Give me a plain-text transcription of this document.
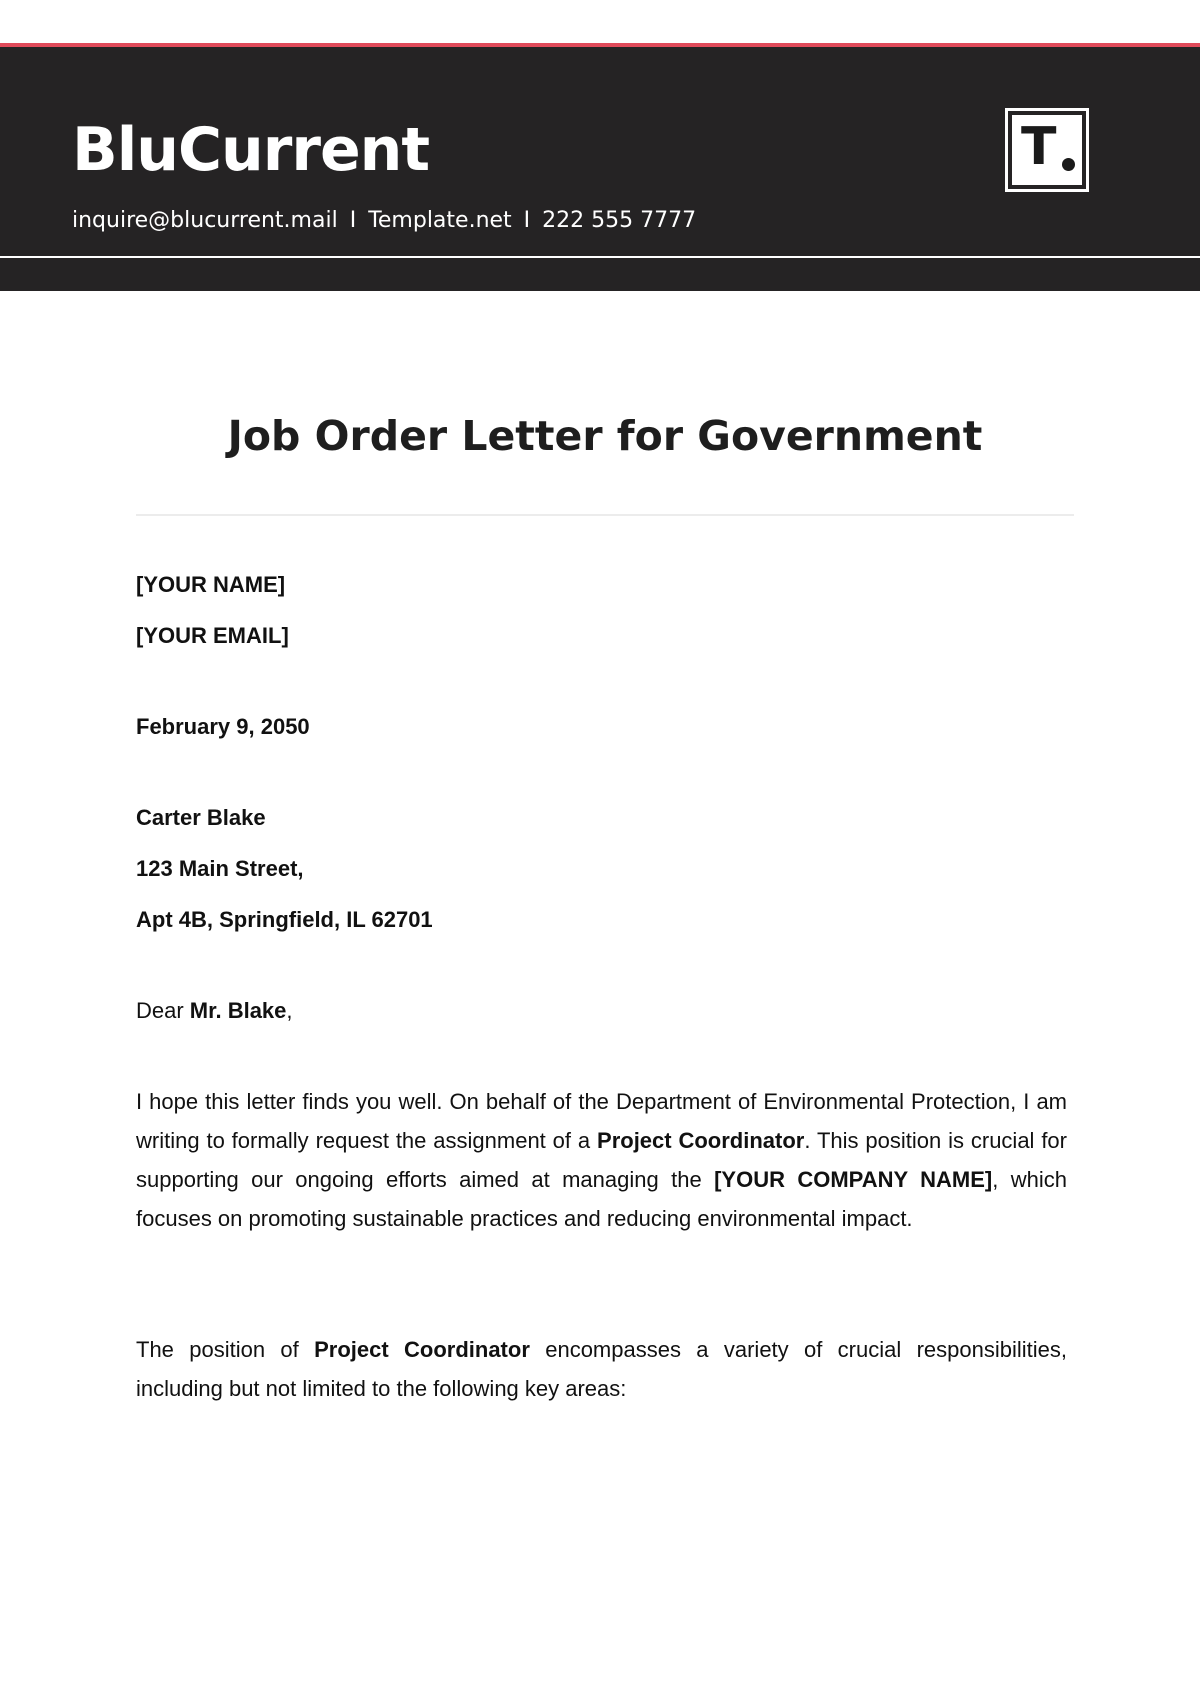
BluCurrent
inquire@blucurrent.mail I Template.net I 222 555 7777
T
Job Order Letter for Government

[YOUR NAME]

[YOUR EMAIL]

February 9, 2050

Carter Blake

123 Main Street,

Apt 4B, Springfield, IL 62701

Dear Mr. Blake,

I hope this letter finds you well. On behalf of the Department of Environmental Protection, I am writing to formally request the assignment of a Project Coordinator. This position is crucial for supporting our ongoing efforts aimed at managing the [YOUR COMPANY NAME], which focuses on promoting sustainable practices and reducing environmental impact.

The position of Project Coordinator encompasses a variety of crucial responsibilities, including but not limited to the following key areas:
